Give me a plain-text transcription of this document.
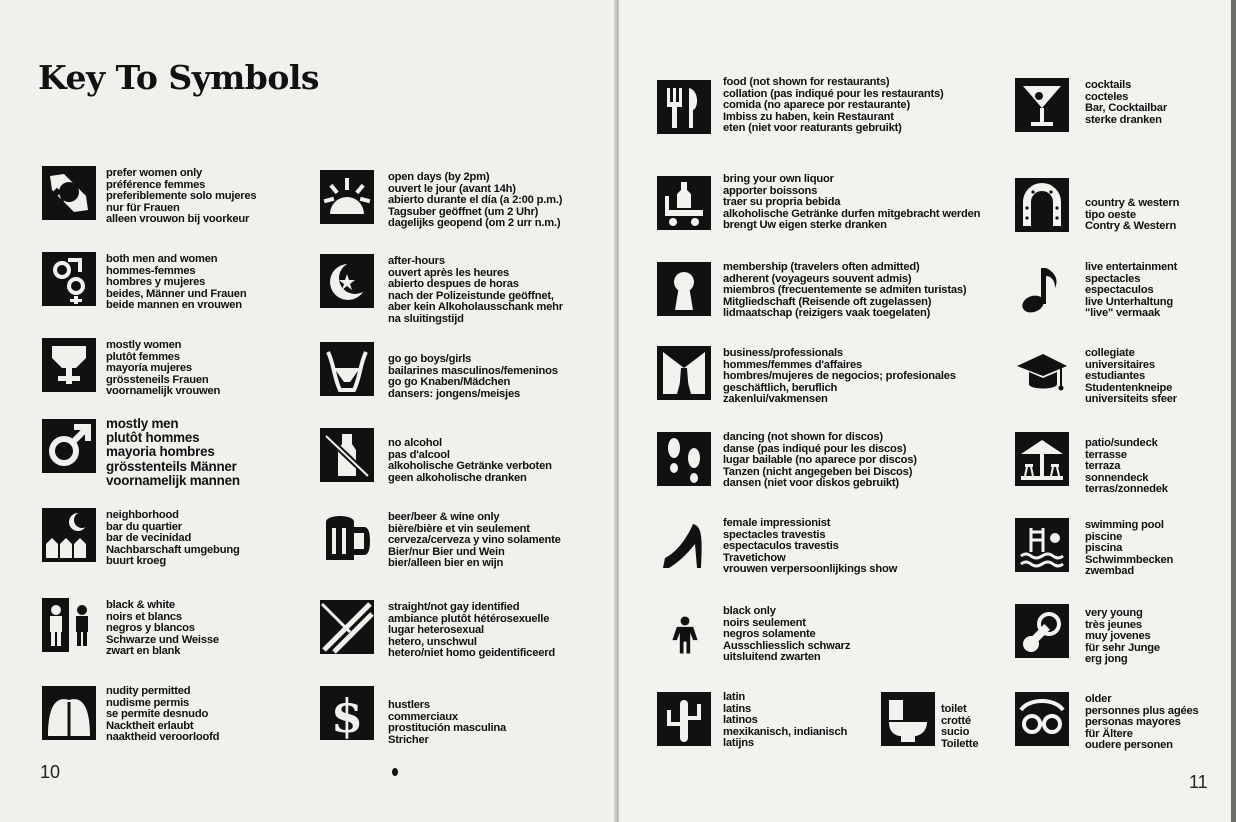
Key To Symbols
prefer women only
préférence femmes
preferiblemente solo mujeres
nur für Frauen
alleen vrouwon bij voorkeur
both men and women
hommes-femmes
hombres y mujeres
beides, Männer und Frauen
beide mannen en vrouwen
mostly women
plutôt femmes
mayoría mujeres
grössteneils Frauen
voornamelijk vrouwen
mostly men
plutôt hommes
mayoria hombres
grösstenteils Männer
voornamelijk mannen
neighborhood
bar du quartier
bar de vecinidad
Nachbarschaft umgebung
buurt kroeg
black & white
noirs et blancs
negros y blancos
Schwarze und Weisse
zwart en blank
nudity permitted
nudisme permis
se permite desnudo
Nacktheit erlaubt
naaktheid veroorloofd
open days (by 2pm)
ouvert le jour (avant 14h)
abierto durante el día (a 2:00 p.m.)
Tagsuber geöffnet (um 2 Uhr)
dagelijks geopend (om 2 urr n.m.)
after-hours
ouvert après les heures
abierto despues de horas
nach der Polizeistunde geöffnet,
aber kein Alkoholausschank mehr
na sluitingstijd
go go boys/girls
bailarines masculinos/femeninos
go go Knaben/Mädchen
dansers: jongens/meisjes
no alcohol
pas d'alcool
alkoholische Getränke verboten
geen alkoholische dranken
beer/beer & wine only
bière/bière et vin seulement
cerveza/cerveza y vino solamente
Bier/nur Bier und Wein
bier/alleen bier en wijn
straight/not gay identified
ambiance plutôt hétérosexuelle
lugar heterosexual
hetero, unschwul
hetero/niet homo geidentificeerd
$ hustlers
commerciaux
prostitución masculina
Stricher
10
food (not shown for restaurants)
collation (pas indiqué pour les restaurants)
comida (no aparece por restaurante)
Imbiss zu haben, kein Restaurant
eten (niet voor reaturants gebruikt)
bring your own liquor
apporter boissons
traer su propria bebida
alkoholische Getränke durfen mitgebracht werden
brengt Uw eigen sterke dranken
membership (travelers often admitted)
adherent (voyageurs souvent admis)
miembros (frecuentemente se admiten turistas)
Mitgliedschaft (Reisende oft zugelassen)
lidmaatschap (reizigers vaak toegelaten)
business/professionals
hommes/femmes d'affaires
hombres/mujeres de negocios; profesionales
geschäftlich, beruflich
zakenlui/vakmensen
dancing (not shown for discos)
danse (pas indiqué pour les discos)
lugar bailable (no aparece por discos)
Tanzen (nicht angegeben bei Discos)
dansen (niet voor diskos gebruikt)
female impressionist
spectacles travestis
espectaculos travestis
Travetichow
vrouwen verpersoonlijkings show
black only
noirs seulement
negros solamente
Ausschliesslich schwarz
uitsluitend zwarten
latin
latins
latinos
mexikanisch, indianisch
latijns
toilet
crotté
sucio
Toilette
cocktails
cocteles
Bar, Cocktailbar
sterke dranken
country & western
tipo oeste
Contry & Western
live entertainment
spectacles
espectaculos
live Unterhaltung
"live" vermaak
collegiate
universitaires
estudiantes
Studentenkneipe
universiteits sfeer
patio/sundeck
terrasse
terraza
sonnendeck
terras/zonnedek
swimming pool
piscine
piscina
Schwimmbecken
zwembad
very young
très jeunes
muy jovenes
für sehr Junge
erg jong
older
personnes plus agées
personas mayores
für Ältere
oudere personen
11
